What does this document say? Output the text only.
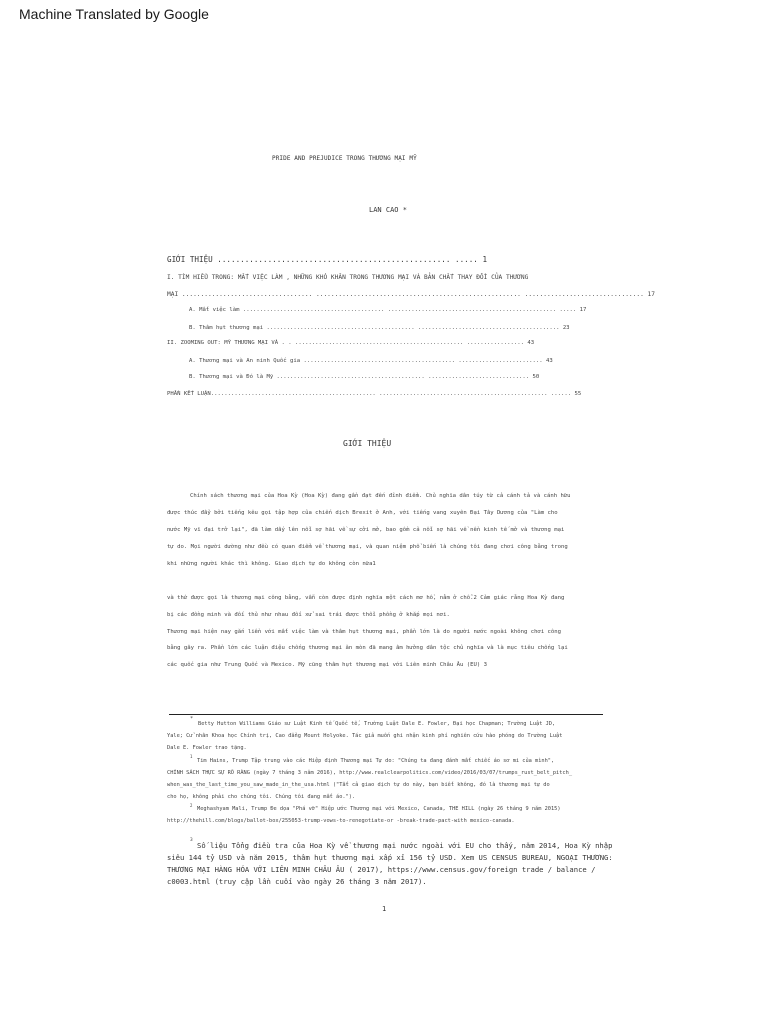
Machine Translated by Google
PRIDE AND PREJUDICE TRONG THƯƠNG MẠI MỸ
LAN CAO *
GIỚI THIỆU ................................................... ..... 1
I. TÌM HIỂU TRONG: MẤT VIỆC LÀM , NHỮNG KHÓ KHĂN TRONG THƯƠNG MẠI VÀ BẢN CHẤT THAY ĐỔI CỦA THƯƠNG
MẠI ................................... ....................................................... ................................ 17
A. Mất việc làm .......................................... .................................................. ..... 17
B. Thâm hụt thương mại ............................................ .......................................... 23
II. ZOOMING OUT: MỸ THƯƠNG MẠI VÀ . . .................................................. ................. 43
A. Thương mại và An ninh Quốc gia ............................................. ......................... 43
B. Thương mại và Đó là Mỹ ............................................ .............................. 50
PHẦN KẾT LUẬN................................................. .................................................. ...... 55
GIỚI THIỆU
Chính sách thương mại của Hoa Kỳ (Hoa Kỳ) đang gần đạt đến đỉnh điểm. Chủ nghĩa dân túy từ cả cánh tả và cánh hữu
được thúc đẩy bởi tiếng kêu gọi tập hợp của chiến dịch Brexit ở Anh, với tiếng vang xuyên Đại Tây Dương của "Làm cho
nước Mỹ vĩ đại trở lại", đã làm dấy lên nỗi sợ hãi về sự cởi mở, bao gồm cả nỗi sợ hãi về nền kinh tế mở và thương mại
tự do. Mọi người dường như đều có quan điểm về thương mại, và quan niệm phổ biến là chúng tôi đang chơi công bằng trong
khi những người khác thì không. Giao dịch tự do không còn nữa1
và thứ được gọi là thương mại công bằng, vẫn còn được định nghĩa một cách mơ hồ, nằm ở chỗ.2 Cảm giác rằng Hoa Kỳ đang
bị các đồng minh và đối thủ như nhau đối xử sai trái được thổi phồng ở khắp mọi nơi.
Thương mại hiện nay gắn liền với mất việc làm và thâm hụt thương mại, phần lớn là do người nước ngoài không chơi công
bằng gây ra. Phần lớn các luận điệu chống thương mại ăn mòn đã mang âm hưởng dân tộc chủ nghĩa và là mục tiêu chống lại
các quốc gia như Trung Quốc và Mexico. Mỹ cũng thâm hụt thương mại với Liên minh Châu Âu (EU) 3
*
Betty Hutton Williams Giáo sư Luật Kinh tế Quốc tế, Trường Luật Dale E. Fowler, Đại học Chapman; Trường Luật JD,
Yale; Cử nhân Khoa học Chính trị, Cao đẳng Mount Holyoke. Tác giả muốn ghi nhận kinh phí nghiên cứu hào phóng do Trường Luật
Dale E. Fowler trao tặng.
1
Tim Hains, Trump Tập trung vào các Hiệp định Thương mại Tự do: "Chúng ta đang đánh mất chiếc áo sơ mi của mình",
CHÍNH SÁCH THỰC SỰ RÕ RÀNG (ngày 7 tháng 3 năm 2016), http://www.realclearpolitics.com/video/2016/03/07/trumps_rust_belt_pitch_
when_was_the_last_time_you_saw_made_in_the_usa.html ("Tất cả giao dịch tự do này, bạn biết không, đó là thương mại tự do
cho họ, không phải cho chúng tôi. Chúng tôi đang mất áo.").
2
Meghashyam Mali, Trump Đe dọa "Phá vỡ" Hiệp ước Thương mại với Mexico, Canada, THE HILL (ngày 26 tháng 9 năm 2015)
http://thehill.com/blogs/ballot-box/255053-trump-vows-to-renegotiate-or -break-trade-pact-with mexico-canada.
3
Số liệu Tổng điều tra của Hoa Kỳ về thương mại nước ngoài với EU cho thấy, năm 2014, Hoa Kỳ nhập
siêu 144 tỷ USD và năm 2015, thâm hụt thương mại xấp xỉ 156 tỷ USD. Xem US CENSUS BUREAU, NGOẠI THƯƠNG:
THƯƠNG MẠI HÀNG HÓA VỚI LIÊN MINH CHÂU ÂU ( 2017), https://www.census.gov/foreign trade / balance /
c0003.html (truy cập lần cuối vào ngày 26 tháng 3 năm 2017).
1
